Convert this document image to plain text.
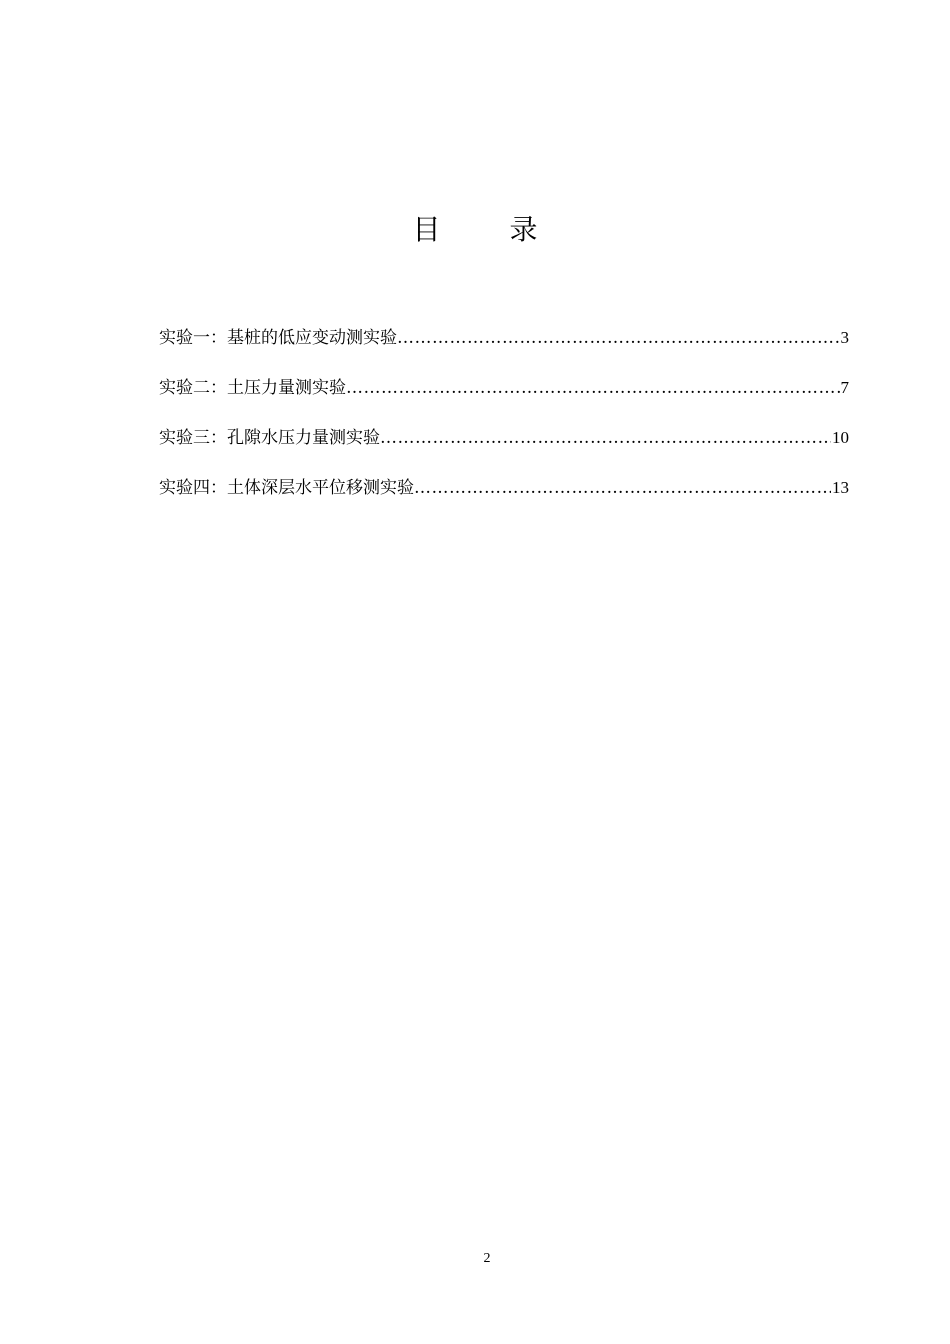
目 录
实验一：基桩的低应变动测实验 ……………………………………………………………………………………………………………………………………………………………………	3
实验二：土压力量测实验 ……………………………………………………………………………………………………………………………………………………………………	7
实验三：孔隙水压力量测实验 ……………………………………………………………………………………………………………………………………………………………………	10
实验四：土体深层水平位移测实验 ……………………………………………………………………………………………………………………………………………………………………	13
2
